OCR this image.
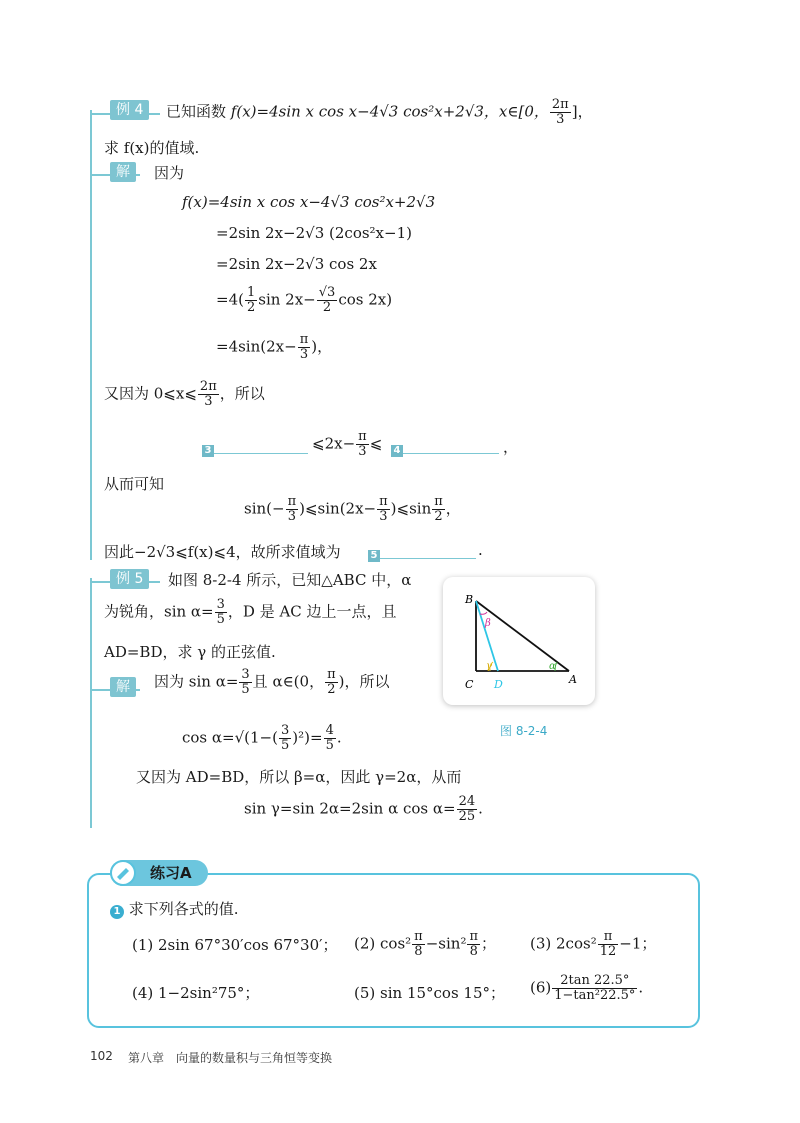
例 4	已知函数 f(x)=4sin x cos x−4√3 cos²x+2√3，x∈[0， $\frac{2\pi}{3}$ ]，
求 f(x)的值域.
解	因为
f(x)=4sin x cos x−4√3 cos²x+2√3
=2sin 2x−2√3 (2cos²x−1)
=2sin 2x−2√3 cos 2x
$=4( \frac{1}{2}$ $\sin 2x- \frac{√3}{2}$ cos 2x)
$=4\sin(2x- \frac{\pi}{3}$ )，
又因为 0⩽x⩽ $\frac{2\pi}{3}$ ，所以
3	⩽2x− $\frac{\pi}{3}$ ⩽ 4	，
从而可知
$\sin(- \frac{\pi}{3}$ )⩽sin(2x− $\frac{\pi}{3}$ )⩽sin $\frac{\pi}{2}$ ，
因此−2√3⩽f(x)⩽4，故所求值域为	5	.
例 5	如图 8-2-4 所示，已知△ABC 中，α
为锐角，$\sin \alpha= \frac{3}{5}$ ，D 是 AC 边上一点，且
AD=BD，求 γ 的正弦值.
解	因为 $\sin \alpha= \frac{3}{5}$ 且 α∈(0， $\frac{\pi}{2}$ )，所以
$\cos \alpha=√(1-( \frac{3}{5} )^2)= \frac{4}{5}$ .
又因为 AD=BD，所以 β=α，因此 γ=2α，从而
sin γ=sin 2α=2sin α $\cos \alpha= \frac{24}{25}$ .
B
C D	A
β
γ	α
图 8-2-4
练习A
1 求下列各式的值.
(1) 2sin 67°30′cos 67°30′； (2) $\cos^2 \frac{\pi}{8} -\sin^2 \frac{\pi}{8}$ ； (3) $2\cos^2 \frac{\pi}{12} -1$；
(4) 1−2sin²75°；	(5) sin 15°cos 15°； $(6) \frac{2\tan 22.5^\circ}{\text{1−tan²22.5°}}$ .
102 第八章　向量的数量积与三角恒等变换
